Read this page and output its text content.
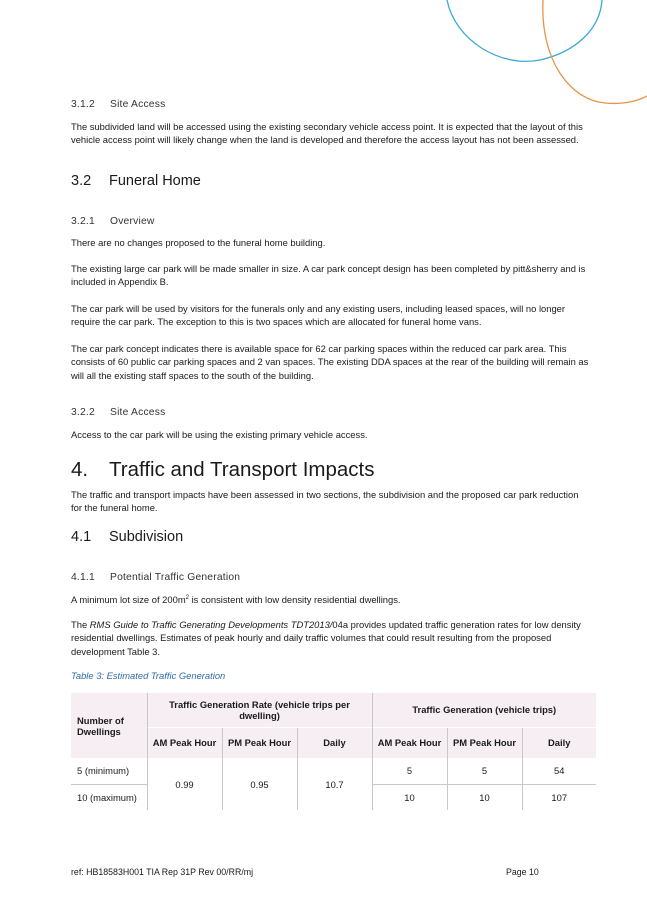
3.1.2 Site Access

The subdivided land will be accessed using the existing secondary vehicle access point. It is expected that the layout of this vehicle access point will likely change when the land is developed and therefore the access layout has not been assessed.

3.2 Funeral Home
3.2.1 Overview

There are no changes proposed to the funeral home building.

The existing large car park will be made smaller in size. A car park concept design has been completed by pitt&sherry and is included in Appendix B.

The car park will be used by visitors for the funerals only and any existing users, including leased spaces, will no longer require the car park. The exception to this is two spaces which are allocated for funeral home vans.

The car park concept indicates there is available space for 62 car parking spaces within the reduced car park area. This consists of 60 public car parking spaces and 2 van spaces. The existing DDA spaces at the rear of the building will remain as will all the existing staff spaces to the south of the building.

3.2.2 Site Access

Access to the car park will be using the existing primary vehicle access.

4. Traffic and Transport Impacts

The traffic and transport impacts have been assessed in two sections, the subdivision and the proposed car park reduction for the funeral home.

4.1 Subdivision
4.1.1 Potential Traffic Generation

A minimum lot size of $200m^2$ is consistent with low density residential dwellings.

The RMS Guide to Traffic Generating Developments TDT2013/04a provides updated traffic generation rates for low density residential dwellings. Estimates of peak hourly and daily traffic volumes that could result resulting from the proposed development Table 3.

Table 3: Estimated Traffic Generation
Number of Dwellings	Traffic Generation Rate (vehicle trips per dwelling)			Traffic Generation (vehicle trips)		
	AM Peak Hour	PM Peak Hour	Daily	AM Peak Hour	PM Peak Hour	Daily
5 (minimum)	0.99	0.95	10.7	5	5	54
10 (maximum)				10	10	107
ref: HB18583H001 TIA Rep 31P Rev 00/RR/mj	Page 10
